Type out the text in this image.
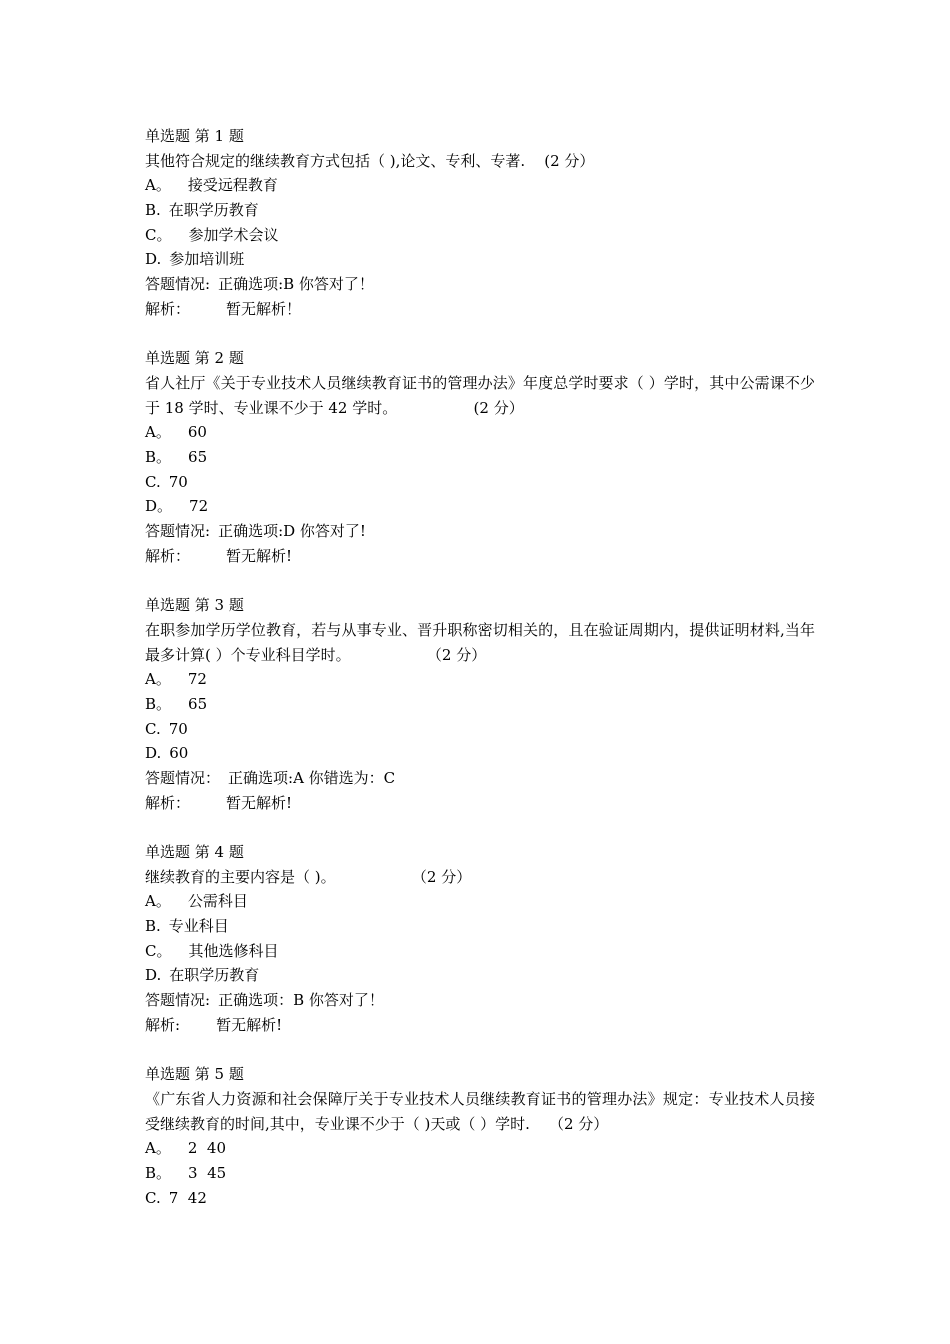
单选题 第 1 题
其他符合规定的继续教育方式包括（ ),论文、专利、专著.    (2 分）
A。 接受远程教育
B. 在职学历教育
C。 参加学术会议
D. 参加培训班
答题情况: 正确选项:B 你答对了！
解析： 暂无解析！
单选题 第 2 题
省人社厅《关于专业技术人员继续教育证书的管理办法》年度总学时要求（ ）学时，其中公需课不少于 18 学时、专业课不少于 42 学时。                (2 分）
A。 60
B。 65
C. 70
D。 72
答题情况: 正确选项:D 你答对了!
解析： 暂无解析!
单选题 第 3 题
在职参加学历学位教育，若与从事专业、晋升职称密切相关的，且在验证周期内，提供证明材料,当年最多计算( ）个专业科目学时。                （2 分）
A。 72
B。 65
C. 70
D. 60
答题情况： 正确选项:A 你错选为：C
解析： 暂无解析!
单选题 第 4 题
继续教育的主要内容是（ )。                （2 分）
A。 公需科目
B. 专业科目
C。 其他选修科目
D. 在职学历教育
答题情况: 正确选项：B 你答对了！
解析: 暂无解析!
单选题 第 5 题
《广东省人力资源和社会保障厅关于专业技术人员继续教育证书的管理办法》规定：专业技术人员接受继续教育的时间,其中，专业课不少于（ )天或（ ）学时.    （2 分）
A。 2  40
B。 3  45
C. 7  42
